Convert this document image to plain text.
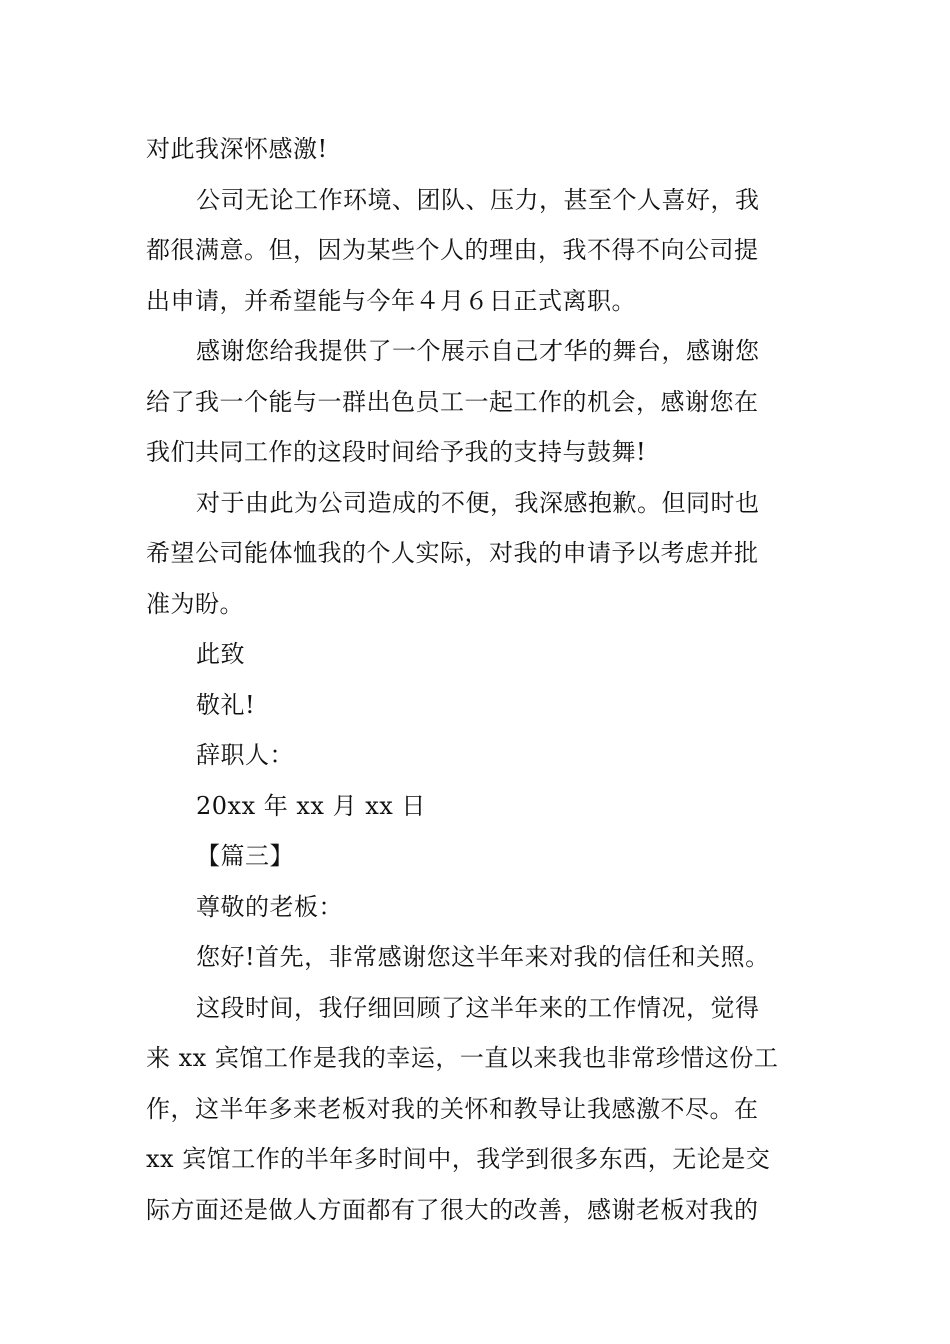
对此我深怀感激!
公司无论工作环境、团队、压力，甚至个人喜好，我
都很满意。但，因为某些个人的理由，我不得不向公司提
出申请，并希望能与今年４月６日正式离职。
感谢您给我提供了一个展示自己才华的舞台，感谢您
给了我一个能与一群出色员工一起工作的机会，感谢您在
我们共同工作的这段时间给予我的支持与鼓舞!
对于由此为公司造成的不便，我深感抱歉。但同时也
希望公司能体恤我的个人实际，对我的申请予以考虑并批
准为盼。
此致
敬礼!
辞职人：
20xx 年 xx 月 xx 日
【篇三】
尊敬的老板：
您好!首先，非常感谢您这半年来对我的信任和关照。
这段时间，我仔细回顾了这半年来的工作情况，觉得
来 xx 宾馆工作是我的幸运，一直以来我也非常珍惜这份工
作，这半年多来老板对我的关怀和教导让我感激不尽。在
xx 宾馆工作的半年多时间中，我学到很多东西，无论是交
际方面还是做人方面都有了很大的改善，感谢老板对我的
